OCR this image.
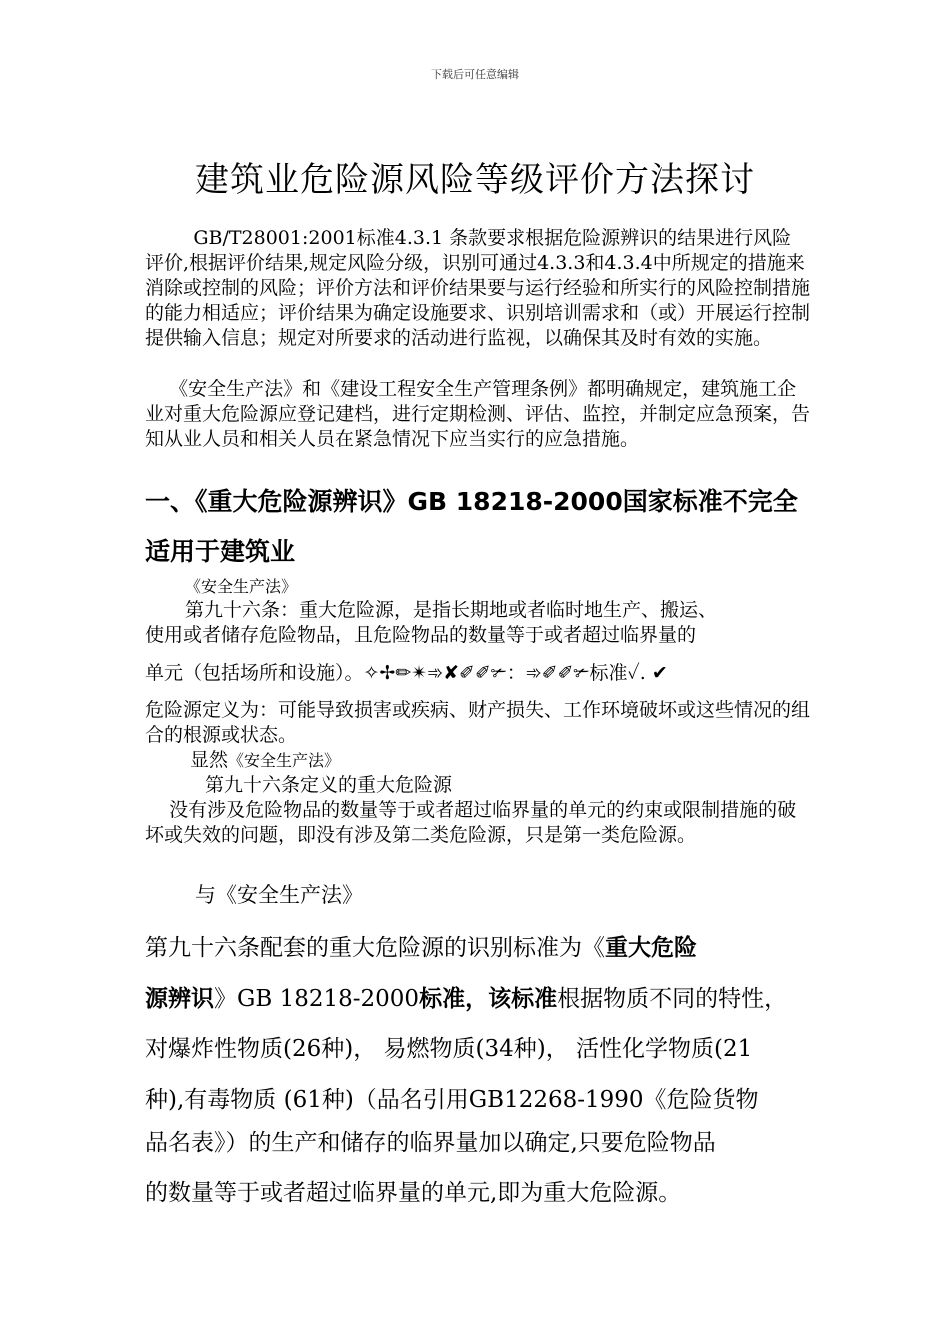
下载后可任意编辑
建筑业危险源风险等级评价方法探讨

GB/T28001:2001标准4.3.1 条款要求根据危险源辨识的结果进行风险评价,根据评价结果,规定风险分级，识别可通过4.3.3和4.3.4中所规定的措施来消除或控制的风险；评价方法和评价结果要与运行经验和所实行的风险控制措施的能力相适应；评价结果为确定设施要求、识别培训需求和（或）开展运行控制提供输入信息；规定对所要求的活动进行监视，以确保其及时有效的实施。

《安全生产法》和《建设工程安全生产管理条例》都明确规定，建筑施工企业对重大危险源应登记建档，进行定期检测、评估、监控，并制定应急预案，告知从业人员和相关人员在紧急情况下应当实行的应急措施。

一、《重大危险源辨识》GB 18218-2000国家标准不完全适用于建筑业

《安全生产法》
第九十六条：重大危险源，是指长期地或者临时地生产、搬运、
使用或者储存危险物品，且危险物品的数量等于或者超过临界量的
单元（包括场所和设施）。✧✢✏✴➾✘✐✐✃：➾✐✐✃标准✓. ✔

危险源定义为：可能导致损害或疾病、财产损失、工作环境破坏或这些情况的组合的根源或状态。

显然《安全生产法》
第九十六条定义的重大危险源

没有涉及危险物品的数量等于或者超过临界量的单元的约束或限制措施的破坏或失效的问题，即没有涉及第二类危险源，只是第一类危险源。

与《安全生产法》
第九十六条配套的重大危险源的识别标准为《重大危险
源辨识》GB 18218-2000标准，该标准根据物质不同的特性，
对爆炸性物质(26种)， 易燃物质(34种)， 活性化学物质(21
种),有毒物质 (61种)（品名引用GB12268-1990《危险货物
品名表》）的生产和储存的临界量加以确定,只要危险物品
的数量等于或者超过临界量的单元,即为重大危险源。
